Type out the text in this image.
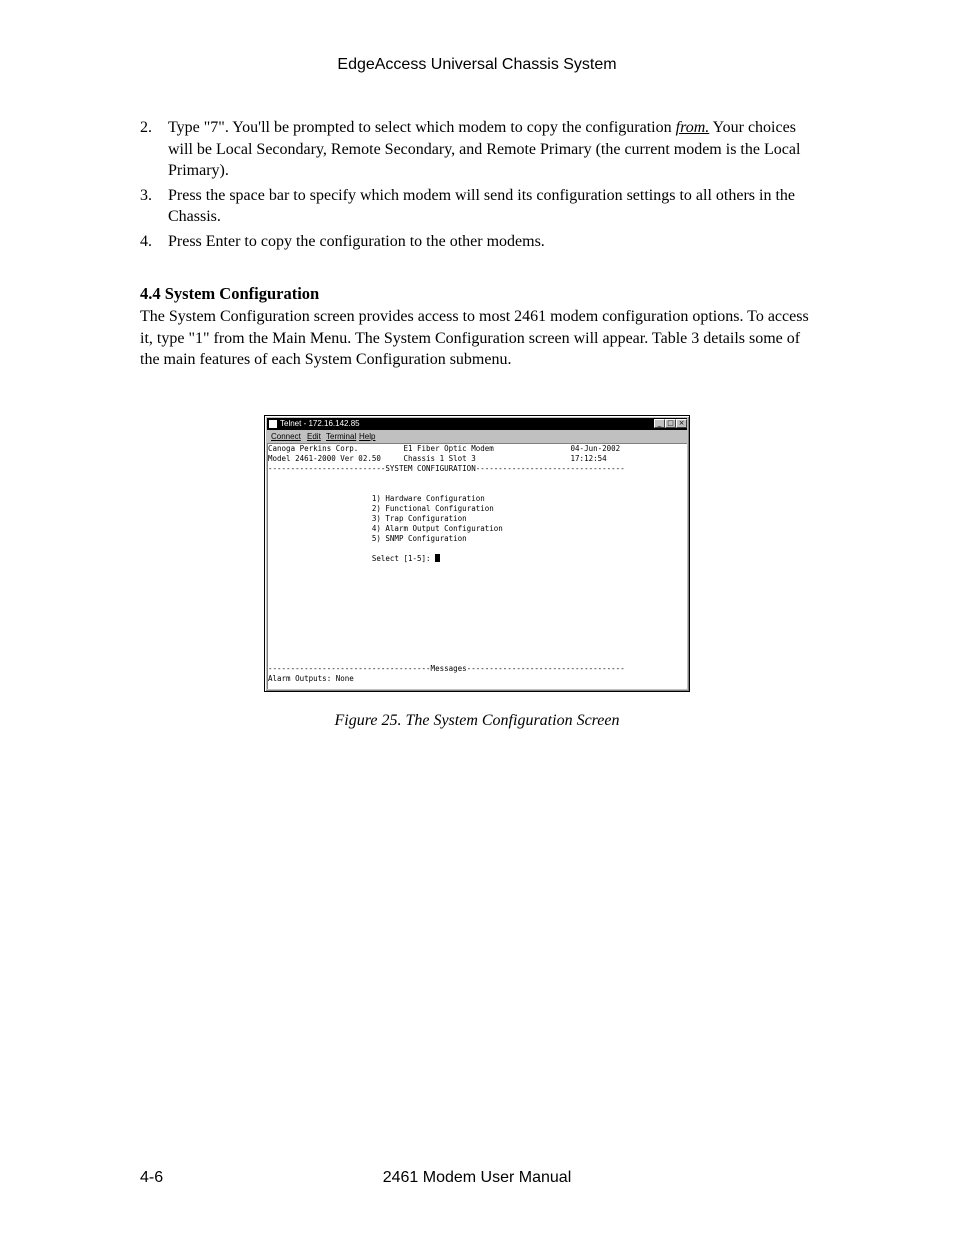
EdgeAccess Universal Chassis System
2. Type "7". You'll be prompted to select which modem to copy the configuration from. Your choices will be Local Secondary, Remote Secondary, and Remote Primary (the current modem is the Local Primary).
3. Press the space bar to specify which modem will send its configuration settings to all others in the Chassis.
4. Press Enter to copy the configuration to the other modems.
4.4 System Configuration
The System Configuration screen provides access to most 2461 modem configuration options. To access it, type "1" from the Main Menu. The System Configuration screen will appear. Table 3 details some of the main features of each System Configuration submenu.
Telnet - 172.16.142.85	_ □ ×
Connect Edit Terminal Help
Canoga Perkins Corp.          E1 Fiber Optic Modem                 04-Jun-2002
Model 2461-2000 Ver 02.50     Chassis 1 Slot 3                     17:12:54
--------------------------SYSTEM CONFIGURATION---------------------------------
1) Hardware Configuration
2) Functional Configuration
3) Trap Configuration
4) Alarm Output Configuration
5) SNMP Configuration
Select [1-5]:
------------------------------------Messages-----------------------------------
Alarm Outputs: None
Figure 25. The System Configuration Screen
4-6	2461 Modem User Manual
